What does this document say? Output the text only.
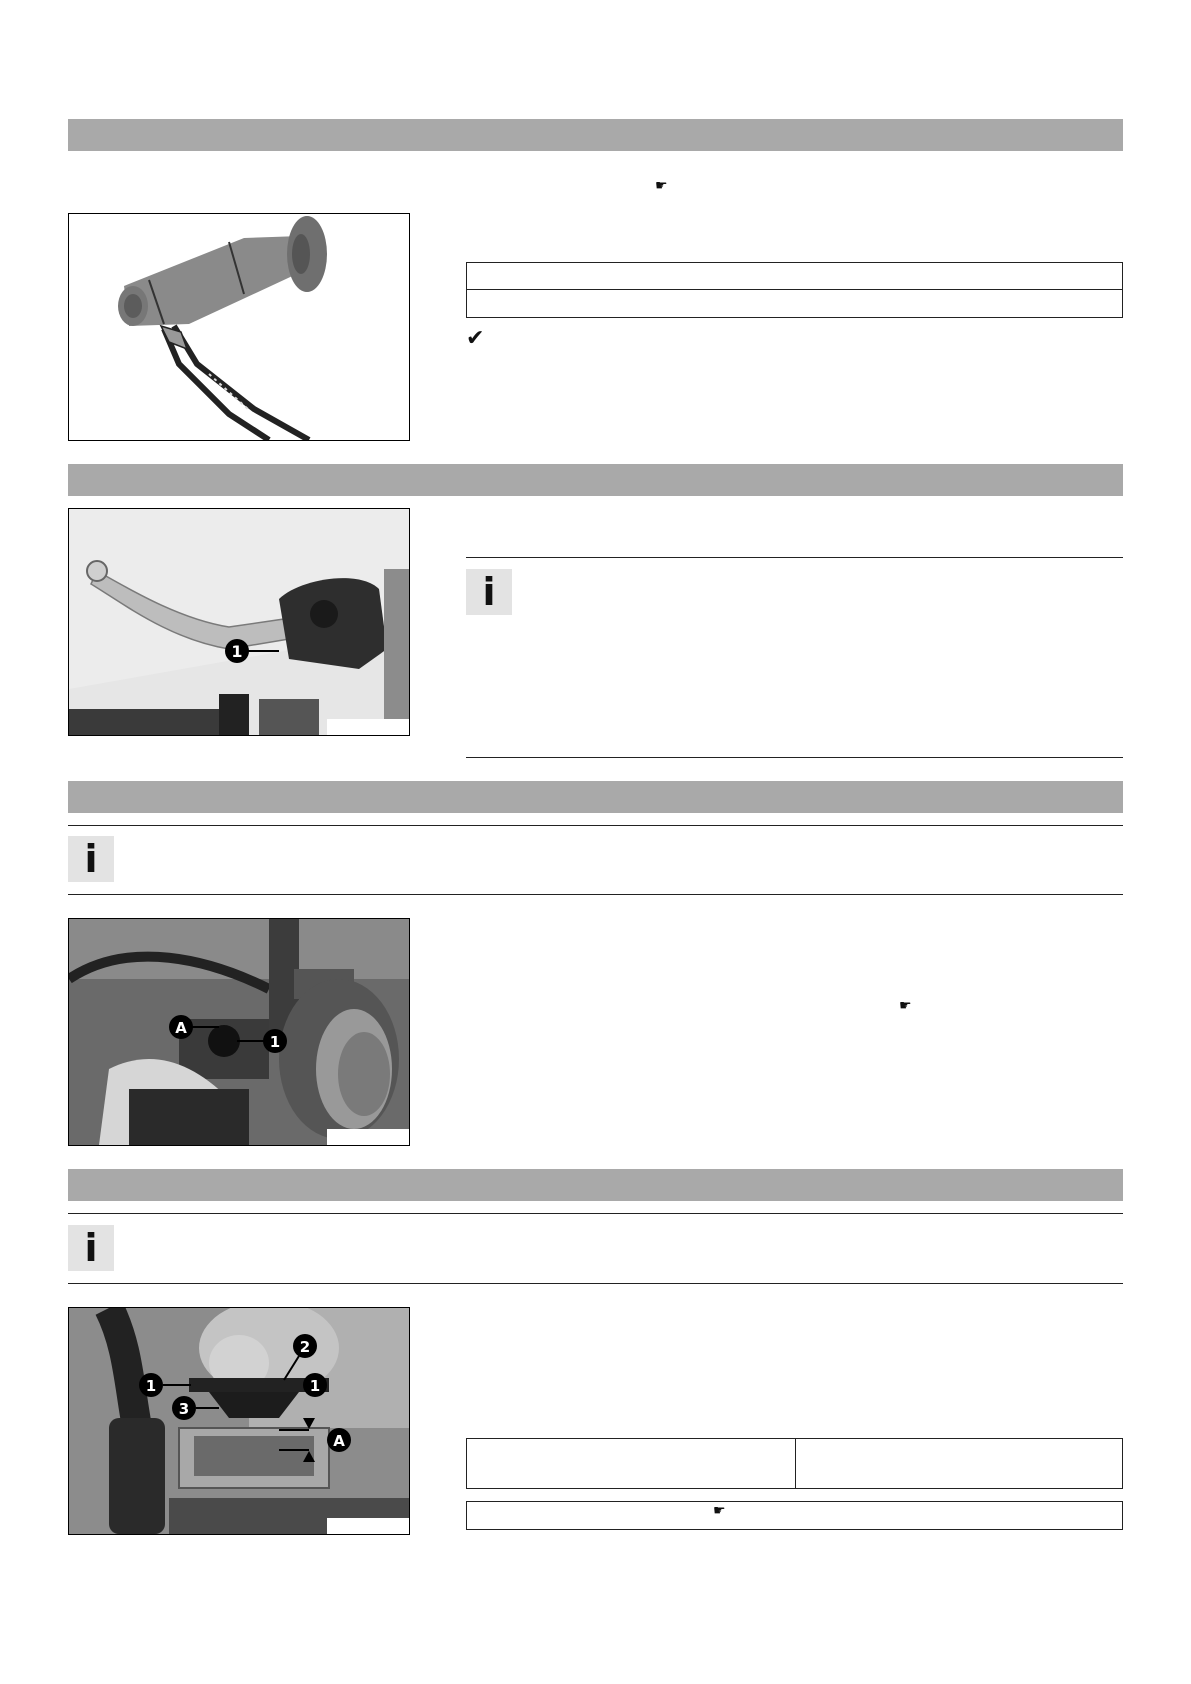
☛
✔
1
i
i
A
1
☛
i
2
1	1
3
A
☛
